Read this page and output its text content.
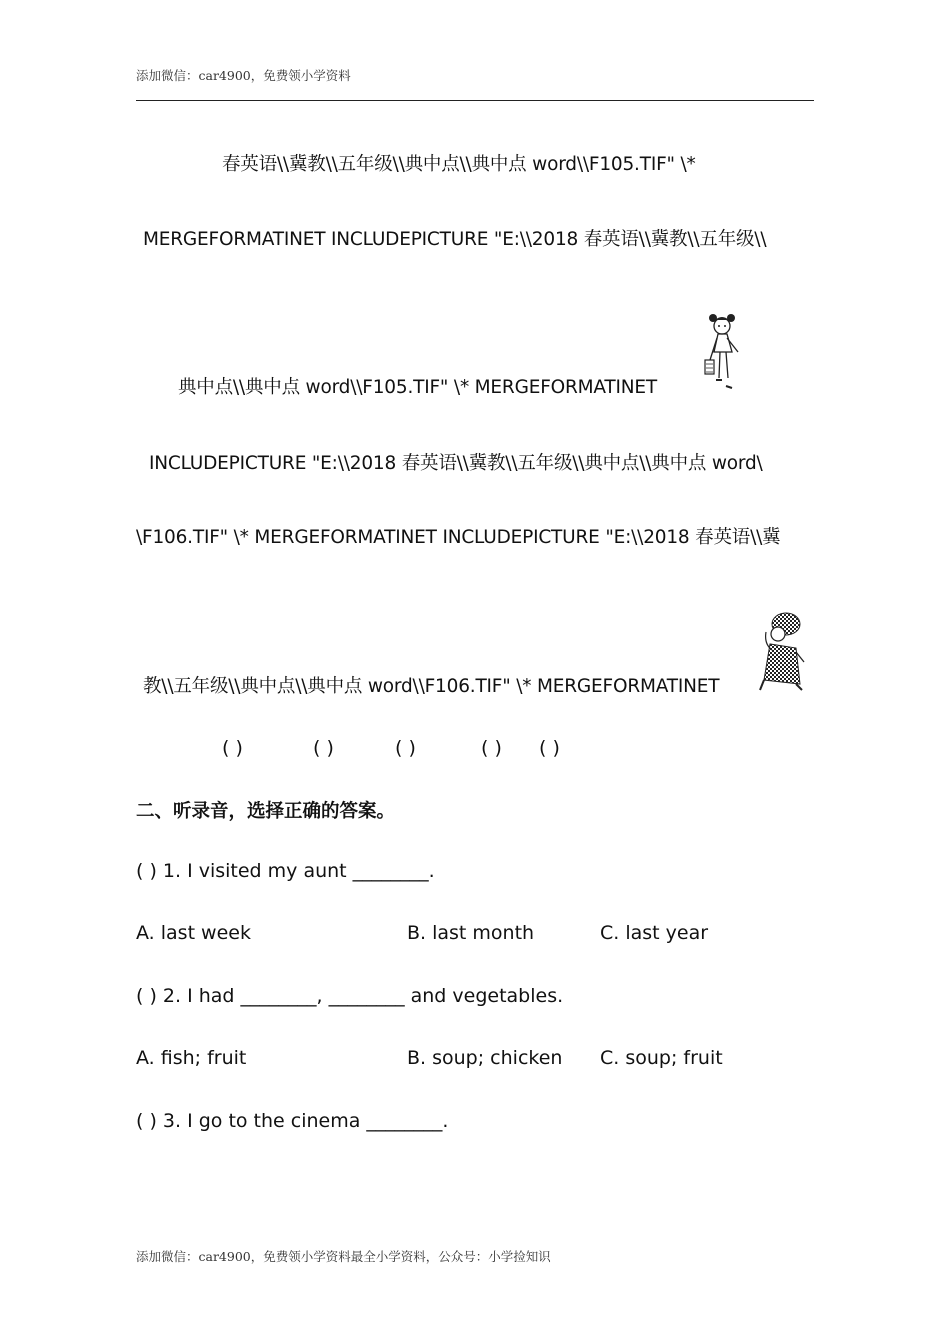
添加微信：car4900，免费领小学资料
春英语\\冀教\\五年级\\典中点\\典中点 word\\F105.TIF" \*
MERGEFORMATINET INCLUDEPICTURE "E:\\2018 春英语\\冀教\\五年级\\
典中点\\典中点 word\\F105.TIF" \* MERGEFORMATINET
INCLUDEPICTURE "E:\\2018 春英语\\冀教\\五年级\\典中点\\典中点 word\
\F106.TIF" \* MERGEFORMATINET INCLUDEPICTURE "E:\\2018 春英语\\冀
教\\五年级\\典中点\\典中点 word\\F106.TIF" \* MERGEFORMATINET
( )	( )	( )	( ) ( )
二、听录音，选择正确的答案。
( ) 1. I visited my aunt ________.
A. last week	B. last month	C. last year
( ) 2. I had ________, ________ and vegetables.
A. fish; fruit	B. soup; chicken C. soup; fruit
( ) 3. I go to the cinema ________.
添加微信：car4900，免费领小学资料最全小学资料，公众号：小学捡知识
